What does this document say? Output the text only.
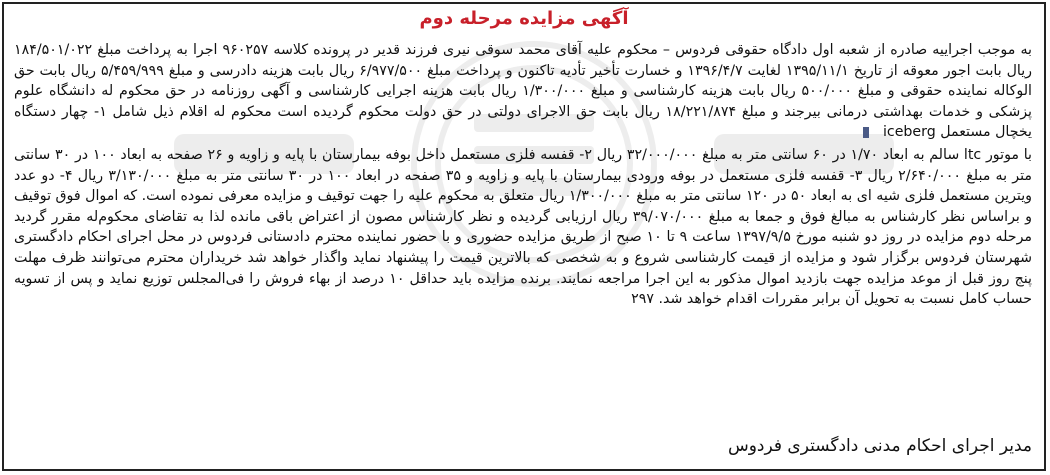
آگهی مزایده مرحله دوم

به موجب اجراییه صادره از شعبه اول دادگاه حقوقی فردوس – محکوم علیه آقای محمد سوقی نیری فرزند قدیر در پرونده کلاسه ۹۶۰۲۵۷ اجرا به پرداخت مبلغ ۱۸۴/۵۰۱/۰۲۲ ریال بابت اجور معوقه از تاریخ ۱۳۹۵/۱۱/۱ لغایت ۱۳۹۶/۴/۷ و خسارت تأخیر تأدیه تاکنون و پرداخت مبلغ ۶/۹۷۷/۵۰۰ ریال بابت هزینه دادرسی و مبلغ ۵/۴۵۹/۹۹۹ ریال بابت حق الوکاله نماینده حقوقی و مبلغ ۵۰۰/۰۰۰ ریال بابت هزینه کارشناسی و مبلغ ۱/۳۰۰/۰۰۰ ریال بابت هزینه اجرایی کارشناسی و آگهی روزنامه در حق محکوم له دانشگاه علوم پزشکی و خدمات بهداشتی درمانی بیرجند و مبلغ ۱۸/۲۲۱/۸۷۴ ریال بابت حق الاجرای دولتی در حق دولت محکوم گردیده است محکوم له اقلام ذیل شامل ۱- چهار دستگاه یخچال مستعمل iceberg

با موتور ltc سالم به ابعاد ۱/۷۰ در ۶۰ سانتی متر به مبلغ ۳۲/۰۰۰/۰۰۰ ریال ۲- قفسه فلزی مستعمل داخل بوفه بیمارستان با پایه و زاویه و ۲۶ صفحه به ابعاد ۱۰۰ در ۳۰ سانتی متر به مبلغ ۲/۶۴۰/۰۰۰ ریال ۳- قفسه فلزی مستعمل در بوفه ورودی بیمارستان با پایه و زاویه و ۳۵ صفحه در ابعاد ۱۰۰ در ۳۰ سانتی متر به مبلغ ۳/۱۳۰/۰۰۰ ریال ۴- دو عدد ویترین مستعمل فلزی شیه ای به ابعاد ۵۰ در ۱۲۰ سانتی متر به مبلغ ۱/۳۰۰/۰۰۰ ریال متعلق به محکوم علیه را جهت توقیف و مزایده معرفی نموده است. که اموال فوق توقیف و براساس نظر کارشناس به مبالغ فوق و جمعا به مبلغ ۳۹/۰۷۰/۰۰۰ ریال ارزیابی گردیده و نظر کارشناس مصون از اعتراض باقی مانده لذا به تقاضای محکوم‌له مقرر گردید مرحله دوم مزایده در روز دو شنبه مورخ ۱۳۹۷/۹/۵ ساعت ۹ تا ۱۰ صبح از طریق مزایده حضوری و با حضور نماینده محترم دادستانی فردوس در محل اجرای احکام دادگستری شهرستان فردوس برگزار شود و مزایده از قیمت کارشناسی شروع و به شخصی که بالاترین قیمت را پیشنهاد نماید واگذار خواهد شد خریداران محترم می‌توانند ظرف مهلت پنج روز قبل از موعد مزایده جهت بازدید اموال مذکور به این اجرا مراجعه نمایند. برنده مزایده باید حداقل ۱۰ درصد از بهاء فروش را فی‌المجلس توزیع نماید و پس از تسویه حساب کامل نسبت به تحویل آن برابر مقررات اقدام خواهد شد. ۲۹۷

مدیر اجرای احکام مدنی دادگستری فردوس
